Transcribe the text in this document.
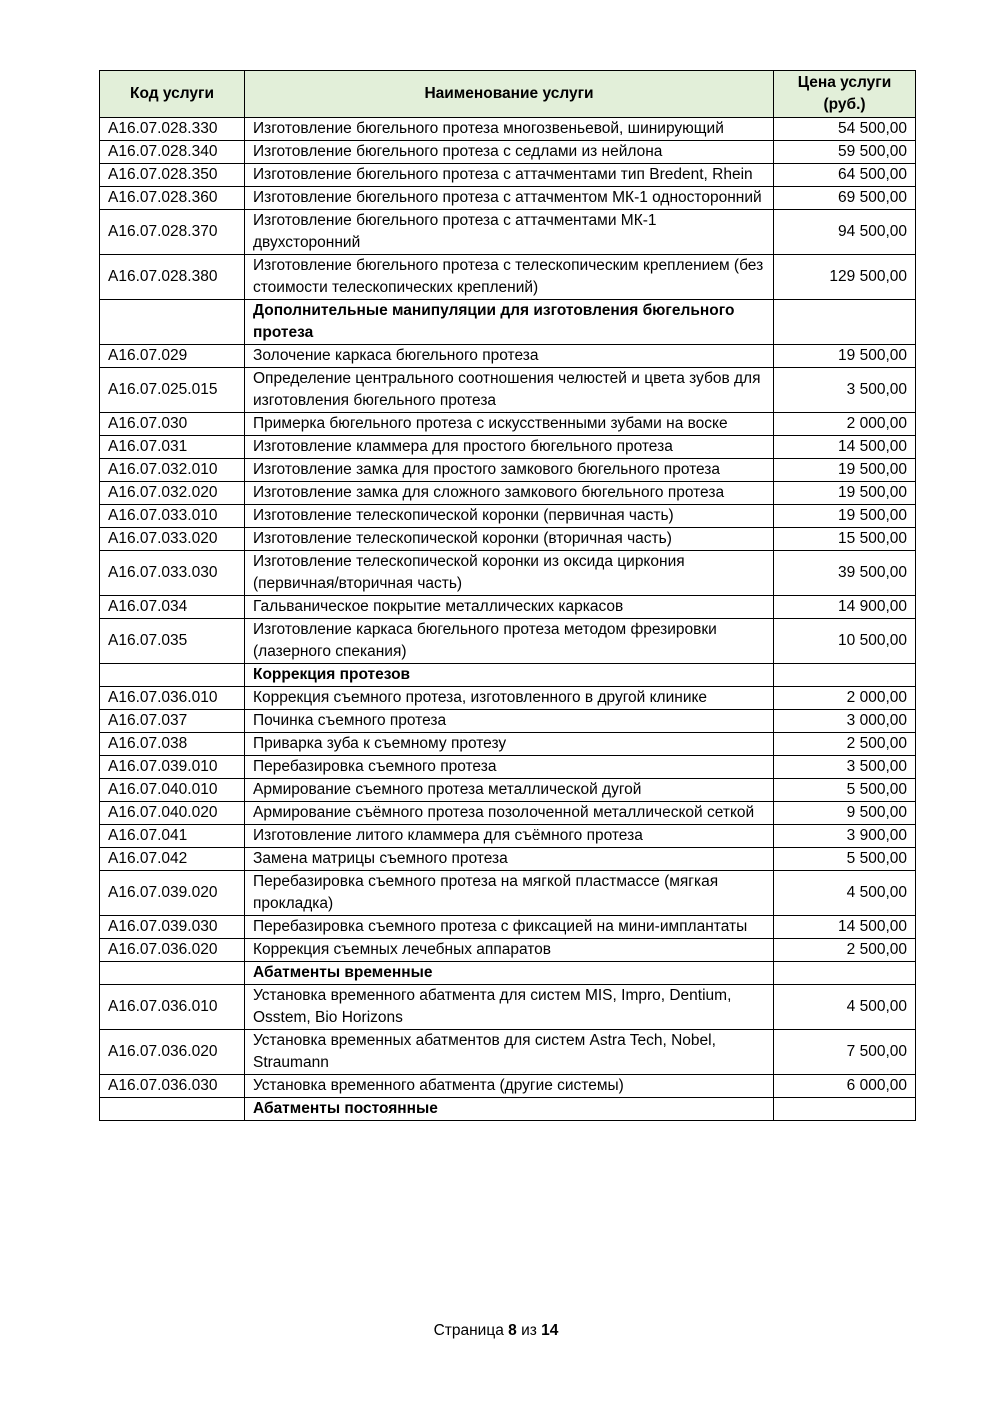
Код услуги	Наименование услуги	Цена услуги (руб.)
A16.07.028.330	Изготовление бюгельного протеза многозвеньевой, шинирующий	54 500,00
A16.07.028.340	Изготовление бюгельного протеза с седлами из нейлона	59 500,00
A16.07.028.350	Изготовление бюгельного протеза с аттачментами тип Bredent, Rhein	64 500,00
A16.07.028.360	Изготовление бюгельного протеза с аттачментом МК-1 односторонний	69 500,00
A16.07.028.370	Изготовление бюгельного протеза с аттачментами МК-1 двухсторонний	94 500,00
A16.07.028.380	Изготовление бюгельного протеза с телескопическим креплением (без стоимости телескопических креплений)	129 500,00
	Дополнительные манипуляции для изготовления бюгельного протеза	
A16.07.029	Золочение каркаса бюгельного протеза	19 500,00
A16.07.025.015	Определение центрального соотношения челюстей и цвета зубов для изготовления бюгельного протеза	3 500,00
A16.07.030	Примерка бюгельного протеза с искусственными зубами на воске	2 000,00
A16.07.031	Изготовление кламмера для простого бюгельного протеза	14 500,00
A16.07.032.010	Изготовление замка для простого замкового бюгельного протеза	19 500,00
A16.07.032.020	Изготовление замка для сложного замкового бюгельного протеза	19 500,00
A16.07.033.010	Изготовление телескопической коронки (первичная часть)	19 500,00
A16.07.033.020	Изготовление телескопической коронки (вторичная часть)	15 500,00
A16.07.033.030	Изготовление телескопической коронки из оксида циркония (первичная/вторичная часть)	39 500,00
A16.07.034	Гальваническое покрытие металлических каркасов	14 900,00
A16.07.035	Изготовление каркаса бюгельного протеза методом фрезировки (лазерного спекания)	10 500,00
	Коррекция протезов	
A16.07.036.010	Коррекция съемного протеза, изготовленного в другой клинике	2 000,00
A16.07.037	Починка съемного протеза	3 000,00
A16.07.038	Приварка зуба к съемному протезу	2 500,00
A16.07.039.010	Перебазировка съемного протеза	3 500,00
A16.07.040.010	Армирование съемного протеза металлической дугой	5 500,00
A16.07.040.020	Армирование съёмного протеза позолоченной металлической сеткой	9 500,00
A16.07.041	Изготовление литого кламмера для съёмного протеза	3 900,00
A16.07.042	Замена матрицы съемного протеза	5 500,00
A16.07.039.020	Перебазировка съемного протеза на мягкой пластмассе (мягкая прокладка)	4 500,00
A16.07.039.030	Перебазировка съемного протеза с фиксацией на мини-имплантаты	14 500,00
A16.07.036.020	Коррекция съемных лечебных аппаратов	2 500,00
	Абатменты временные	
A16.07.036.010	Установка временного абатмента для систем MIS, Impro, Dentium, Osstem, Bio Horizons	4 500,00
A16.07.036.020	Установка временных абатментов для систем Astra Tech, Nobel, Straumann	7 500,00
A16.07.036.030	Установка временного абатмента (другие системы)	6 000,00
	Абатменты постоянные	
Страница 8 из 14
